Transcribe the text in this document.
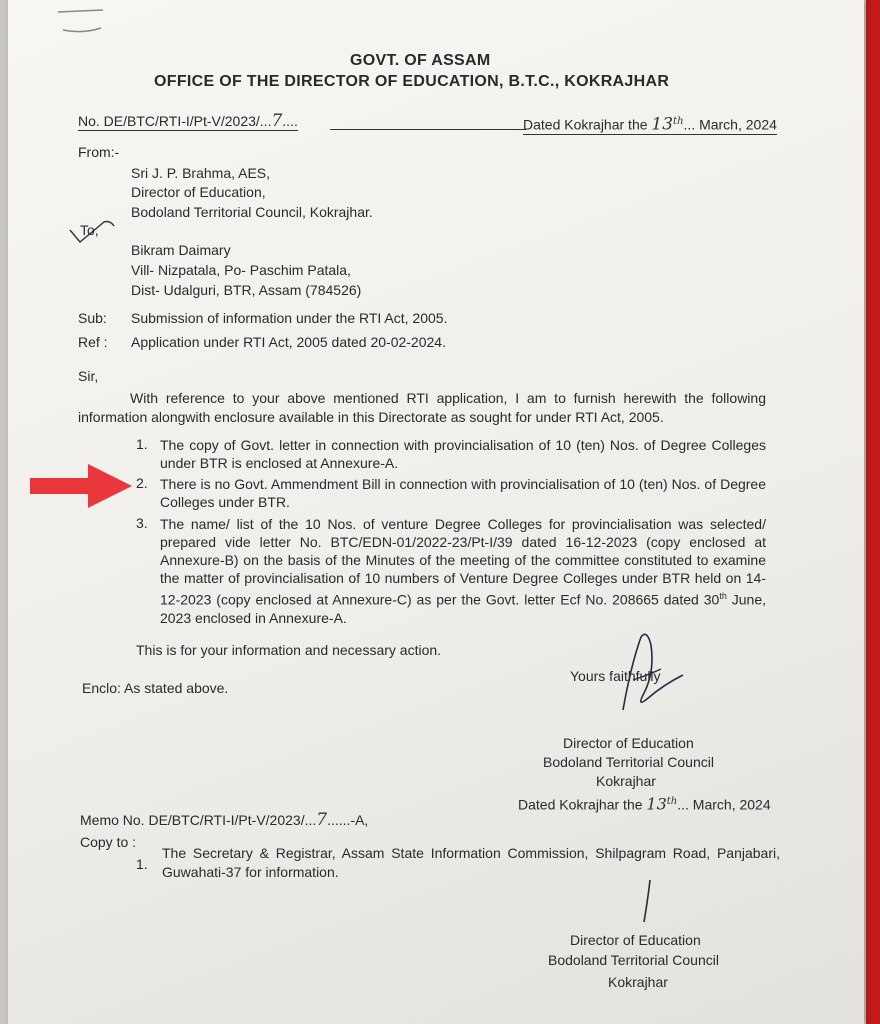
GOVT. OF ASSAM
OFFICE OF THE DIRECTOR OF EDUCATION, B.T.C., KOKRAJHAR
No. DE/BTC/RTI-I/Pt-V/2023/...7....	Dated Kokrajhar the 13th... March, 2024
From:-
Sri J. P. Brahma, AES,
Director of Education,
Bodoland Territorial Council, Kokrajhar.
To,
Bikram Daimary
Vill- Nizpatala, Po- Paschim Patala,
Dist- Udalguri, BTR, Assam (784526)
Sub: Submission of information under the RTI Act, 2005.
Ref : Application under RTI Act, 2005 dated 20-02-2024.
Sir,
With reference to your above mentioned RTI application, I am to furnish herewith the following information alongwith enclosure available in this Directorate as sought for under RTI Act, 2005.
1. The copy of Govt. letter in connection with provincialisation of 10 (ten) Nos. of Degree Colleges under BTR is enclosed at Annexure-A.
2. There is no Govt. Ammendment Bill in connection with provincialisation of 10 (ten) Nos. of Degree Colleges under BTR.
3. The name/ list of the 10 Nos. of venture Degree Colleges for provincialisation was selected/ prepared vide letter No. BTC/EDN-01/2022-23/Pt-I/39 dated 16-12-2023 (copy enclosed at Annexure-B) on the basis of the Minutes of the meeting of the committee constituted to examine the matter of provincialisation of 10 numbers of Venture Degree Colleges under BTR held on 14-12-2023 (copy enclosed at Annexure-C) as per the Govt. letter Ecf No. 208665 dated 30th June, 2023 enclosed in Annexure-A.
This is for your information and necessary action.
Enclo: As stated above.
Yours faithfully
Director of Education
Bodoland Territorial Council
Kokrajhar
Dated Kokrajhar the 13th... March, 2024
Memo No. DE/BTC/RTI-I/Pt-V/2023/...7......-A,
Copy to :
1.
The Secretary & Registrar, Assam State Information Commission, Shilpagram Road, Panjabari, Guwahati-37 for information.
Director of Education
Bodoland Territorial Council
Kokrajhar
